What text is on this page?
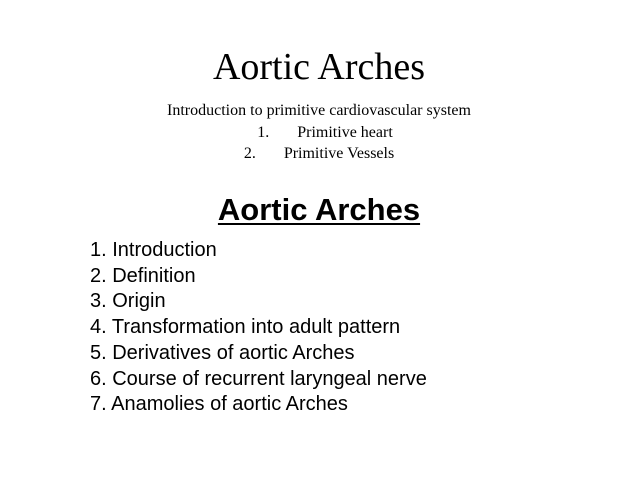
Aortic Arches
Introduction to primitive cardiovascular system
1. Primitive heart
2. Primitive Vessels
Aortic Arches
1. Introduction
2. Definition
3. Origin
4. Transformation into adult pattern
5. Derivatives of aortic Arches
6. Course of recurrent laryngeal nerve
7. Anamolies of aortic Arches
